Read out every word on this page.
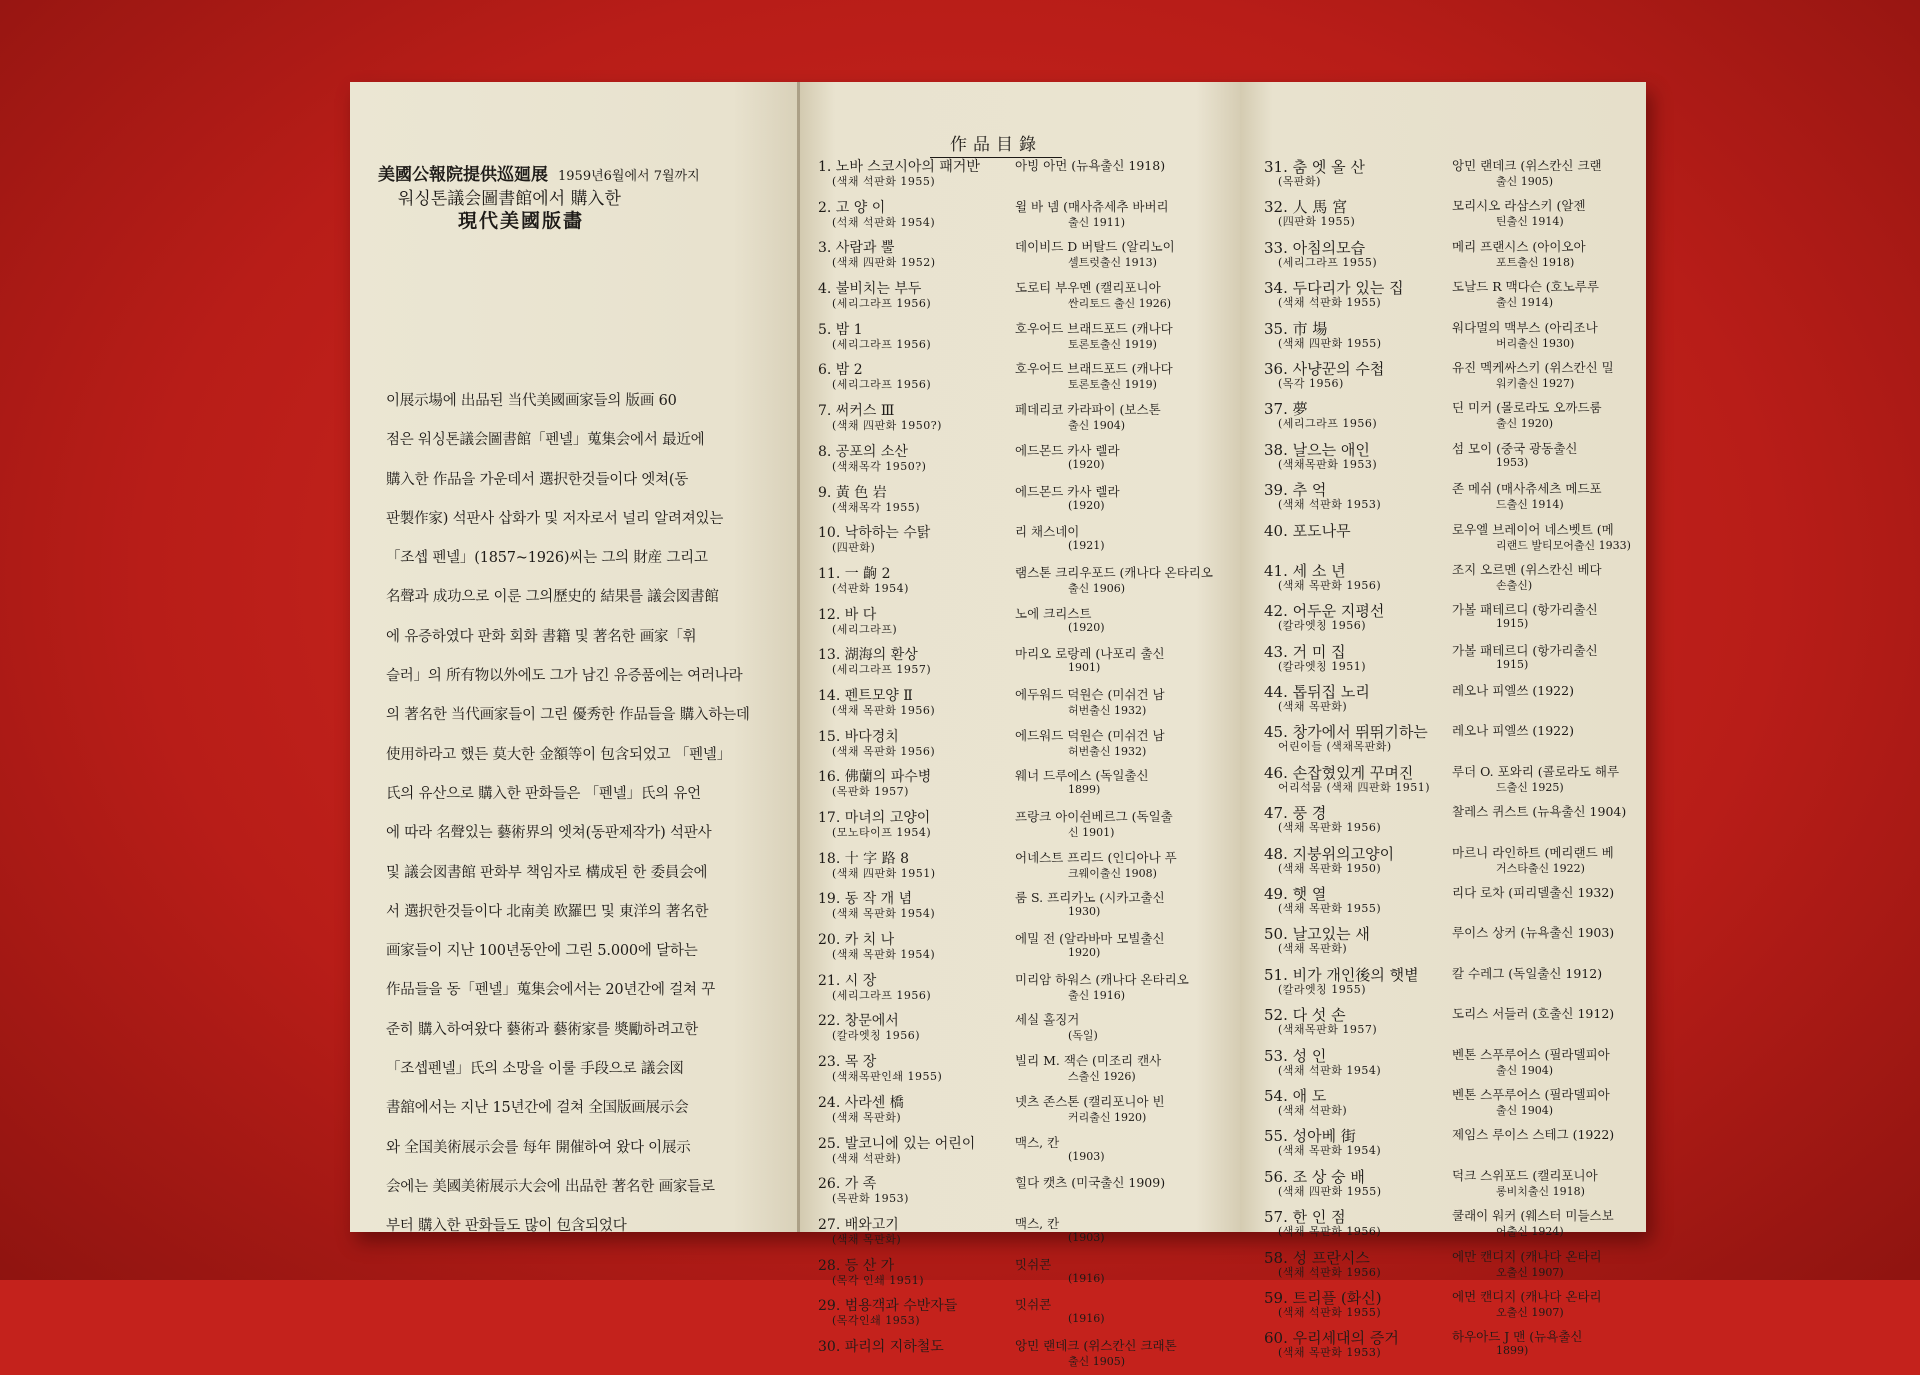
美國公報院提供巡廻展 1959년6월에서 7월까지
워싱톤議会圖書館에서 購入한
現代美國版畵
이展示場에 出品된 当代美國画家들의 版画 60
점은 워싱톤議会圖書館「펜넬」蒐集会에서 最近에
購入한 作品을 가운데서 選択한것들이다 엣쳐(동
판製作家) 석판사 삽화가 및 저자로서 널리 알려져있는
「조셉 펜넬」(1857~1926)씨는 그의 財産 그리고
名聲과 成功으로 이룬 그의歷史的 結果를 議会図書館
에 유증하였다 판화 회화 書籍 및 著名한 画家「휘
슬러」의 所有物以外에도 그가 남긴 유증품에는 여러나라
의 著名한 当代画家들이 그린 優秀한 作品들을 購入하는데
使用하라고 했든 莫大한 金額等이 包含되었고 「펜넬」
氏의 유산으로 購入한 판화들은 「펜넬」氏의 유언
에 따라 名聲있는 藝術界의 엣쳐(동판제작가) 석판사
및 議会図書館 판화부 책임자로 構成된 한 委員会에
서 選択한것들이다 北南美 欧羅巴 및 東洋의 著名한
画家들이 지난 100년동안에 그린 5.000에 달하는
作品들을 동「펜넬」蒐集会에서는 20년간에 걸쳐 꾸
준히 購入하여왔다 藝術과 藝術家를 奬勵하려고한
「조셉펜넬」氏의 소망을 이룰 手段으로 議会図
書舘에서는 지난 15년간에 걸쳐 全国版画展示会
와 全国美術展示会를 每年 開催하여 왔다 이展示
会에는 美國美術展示大会에 出品한 著名한 画家들로
부터 購入한 판화들도 많이 包含되었다
作品目錄
1. 노바 스코시아의 패거반
(색채 석판화 1955)
아빙 아먼 (뉴욕출신 1918)
2. 고 양 이
(석채 석판화 1954)
윌 바 넴 (매사츄세추 바버리
출신 1911)
3. 사람과 뿔
(색채 四판화 1952)
데이비드 D 버탈드 (알리노이
셀트럿출신 1913)
4. 불비치는 부두
(세리그라프 1956)
도로티 부우멘 (캘리포니아
싼리토드 출신 1926)
5. 밤 1
(세리그라프 1956)
호우어드 브래드포드 (캐나다
토론토출신 1919)
6. 밤 2
(세리그라프 1956)
호우어드 브래드포드 (캐나다
토론토출신 1919)
7. 써커스 Ⅲ
(색채 四판화 1950?)
페데리코 카라파이 (보스톤
출신 1904)
8. 공포의 소산
(색채목각 1950?)
에드몬드 카사 렐라
(1920)
9. 黃 色 岩
(색채목각 1955)
에드몬드 카사 렐라
(1920)
10. 낙하하는 수탉
(四판화)
리 채스네이
(1921)
11. 一 齣 2
(석판화 1954)
램스톤 크리우포드 (캐나다 온타리오
출신 1906)
12. 바 다
(세리그라프)
노에 크리스트
(1920)
13. 湖海의 환상
(세리그라프 1957)
마리오 로랑레 (나포리 출신
1901)
14. 펜트모양 Ⅱ
(색채 목판화 1956)
에두워드 덕원슨 (미쉬건 남
허번출신 1932)
15. 바다경치
(색채 목판화 1956)
에드워드 덕원슨 (미쉬건 남
허번출신 1932)
16. 佛蘭의 파수병
(목판화 1957)
웨너 드루에스 (독일출신
1899)
17. 마녀의 고양이
(모노타이프 1954)
프랑크 아이쉰베르그 (독일출
신 1901)
18. 十 字 路 8
(색채 四판화 1951)
어네스트 프리드 (인디아나 푸
크웨이출신 1908)
19. 동 작 개 념
(색채 목판화 1954)
룸 S. 프리카노 (시카고출신
1930)
20. 카 치 나
(색채 목판화 1954)
에밀 전 (알라바마 모빌출신
1920)
21. 시 장
(세리그라프 1956)
미리암 하워스 (캐나다 온타리오
출신 1916)
22. 창문에서
(칼라엣칭 1956)
세실 홀징거
(독일)
23. 목 장
(색채목판인쇄 1955)
빌리 M. 잭슨 (미조리 캔사
스출신 1926)
24. 사라센 橋
(색채 목판화)
넷츠 존스톤 (캘리포니아 빈
커리출신 1920)
25. 발코니에 있는 어린이
(색채 석판화)
맥스, 칸
(1903)
26. 가 족
(목판화 1953)
힐다 캣츠 (미국출신 1909)
27. 배와고기
(색채 목판화)
맥스, 칸
(1903)
28. 등 산 가
(목각 인쇄 1951)
밋쉬콘
(1916)
29. 범용객과 수반자들
(목각인쇄 1953)
밋쉬콘
(1916)
30. 파리의 지하철도	앙민 랜데크 (위스칸신 크래톤
출신 1905)
31. 춤 엣 올 산
(목판화)
앙민 랜데크 (위스칸신 크랜
출신 1905)
32. 人 馬 宮
(四판화 1955)
모리시오 라삼스키 (알젠
틴출신 1914)
33. 아침의모습
(세리그라프 1955)
메리 프랜시스 (아이오아
포트출신 1918)
34. 두다리가 있는 집
(색채 석판화 1955)
도날드 R 맥다슨 (호노루루
출신 1914)
35. 市 場
(색채 四판화 1955)
워다멀의 맥부스 (아리조나
버리출신 1930)
36. 사냥꾼의 수첩
(목각 1956)
유진 멕케싸스키 (위스칸신 밀
워키출신 1927)
37. 夢
(세리그라프 1956)
딘 미커 (몰로라도 오까드룸
출신 1920)
38. 날으는 애인
(색채목판화 1953)
섬 모이 (중국 광동출신
1953)
39. 추 억
(색채 석판화 1953)
존 메쉬 (매사츄세츠 메드포
드출신 1914)
40. 포도나무	로우엘 브레이어 네스벳트 (메
리랜드 발티모어출신 1933)
41. 세 소 년
(색채 목판화 1956)
조지 오르멘 (위스칸신 베다
손출신)
42. 어두운 지평선
(칼라엣칭 1956)
가볼 패테르디 (항가리출신
1915)
43. 거 미 집
(칼라엣칭 1951)
가볼 패테르디 (항가리출신
1915)
44. 톱뒤집 노리
(색채 목판화)
레오나 피엘쓰 (1922)
45. 창가에서 뛰뛰기하는
어린이들 (색채목판화)
레오나 피엘쓰 (1922)
46. 손잡혔있게 꾸며진
어리석뭄 (색채 四판화 1951)
루더 O. 포와리 (콜로라도 해루
드출신 1925)
47. 풍 경
(색채 목판화 1956)
찰레스 퀴스트 (뉴욕출신 1904)
48. 지붕위의고양이
(색채 목판화 1950)
마르니 라인하트 (메리랜드 베
거스타출신 1922)
49. 햇 열
(색채 목판화 1955)
리다 로차 (피리델출신 1932)
50. 날고있는 새
(색채 목판화)
루이스 상커 (뉴욕출신 1903)
51. 비가 개인後의 햇볕
(칼라엣칭 1955)
칼 수레그 (독일출신 1912)
52. 다 섯 손
(색채목판화 1957)
도리스 서들러 (호출신 1912)
53. 성 인
(색채 석판화 1954)
벤톤 스푸루어스 (필라델피아
출신 1904)
54. 애 도
(색채 석판화)
벤톤 스푸루어스 (필라델피아
출신 1904)
55. 성아베 街
(색채 목판화 1954)
제임스 루이스 스테그 (1922)
56. 조 상 숭 배
(색채 四판화 1955)
덕크 스위포드 (캘리포니아
롱비치출신 1918)
57. 한 인 점
(색채 목판화 1956)
쿨래이 워커 (웨스터 미들스보
어출신 1924)
58. 성 프란시스
(색채 석판화 1956)
에만 캔디지 (캐나다 온타리
오출신 1907)
59. 트리플 (화신)
(색채 석판화 1955)
에먼 캔디지 (캐나다 온타리
오출신 1907)
60. 우리세대의 증거
(색채 목판화 1953)
하우아드 J 맨 (뉴욕출신
1899)
